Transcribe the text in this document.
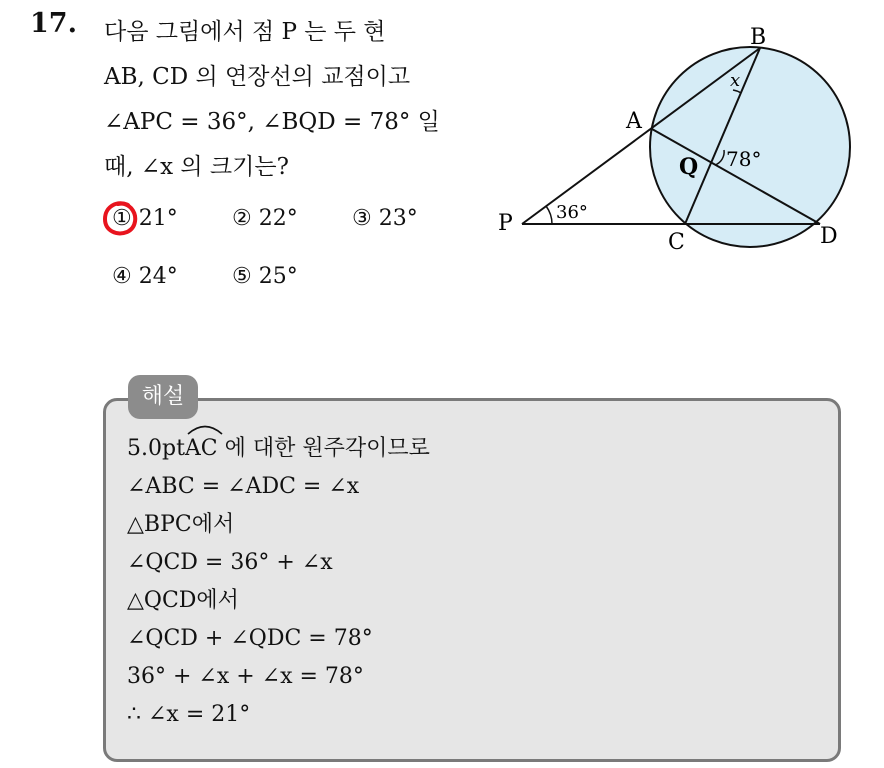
17. 다음 그림에서 점 P 는 두 현
AB, CD 의 연장선의 교점이고
∠APC = 36°, ∠BQD = 78° 일
때, ∠x 의 크기는?
① 21° ② 22° ③ 23°
④ 24° ⑤ 25°
B
A
P
C	D
Q
x
78°
36°
해설
5.0pt
AC 에 대한 원주각이므로
∠ABC = ∠ADC = ∠x
△BPC에서
∠QCD = 36° + ∠x
△QCD에서
∠QCD + ∠QDC = 78°
36° + ∠x + ∠x = 78°
∴ ∠x = 21°
